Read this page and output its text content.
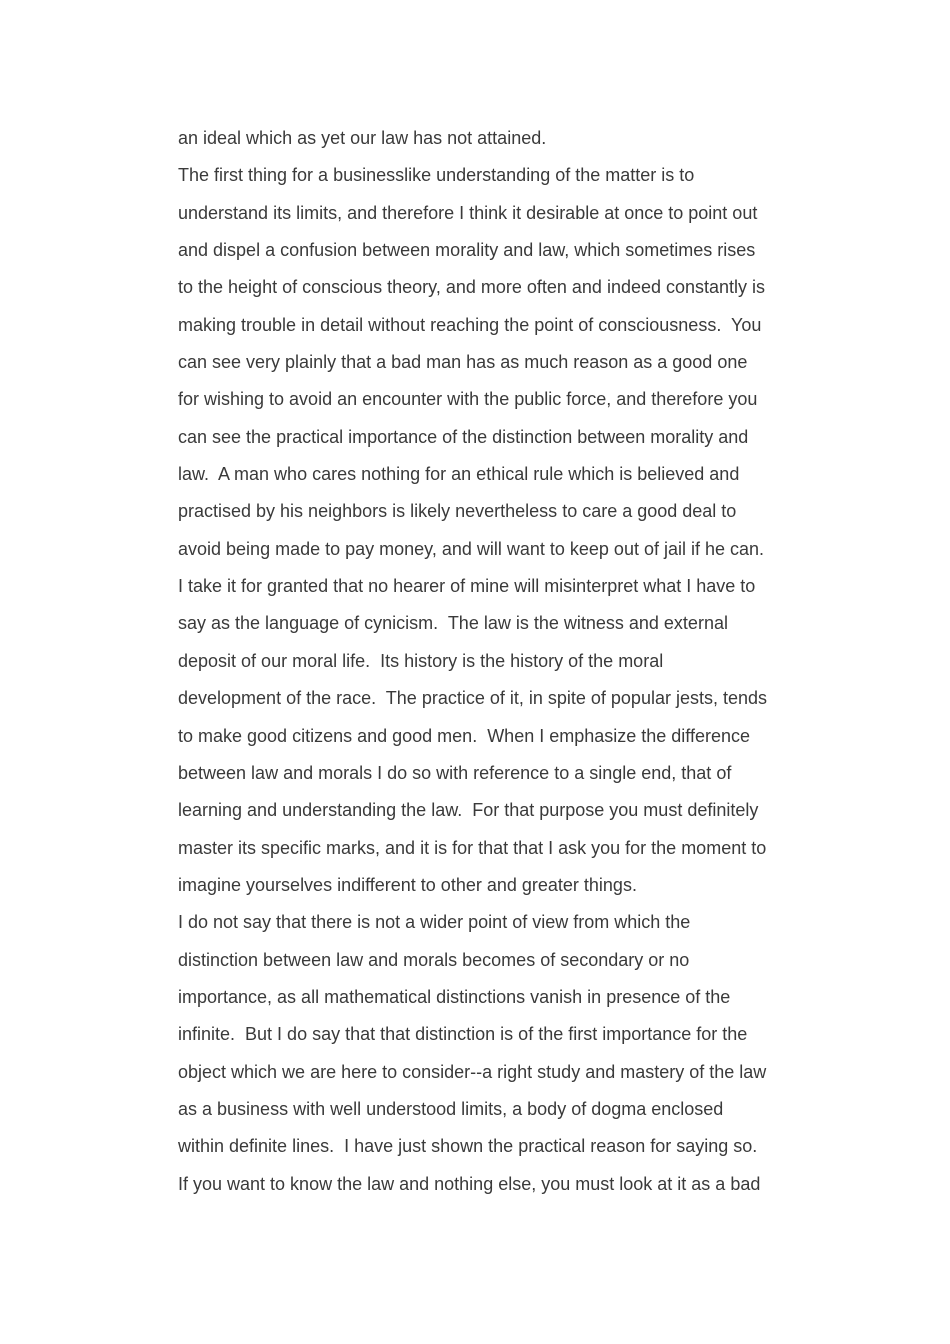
an ideal which as yet our law has not attained.
The first thing for a businesslike understanding of the matter is to
understand its limits, and therefore I think it desirable at once to point out
and dispel a confusion between morality and law, which sometimes rises
to the height of conscious theory, and more often and indeed constantly is
making trouble in detail without reaching the point of consciousness.  You
can see very plainly that a bad man has as much reason as a good one
for wishing to avoid an encounter with the public force, and therefore you
can see the practical importance of the distinction between morality and
law.  A man who cares nothing for an ethical rule which is believed and
practised by his neighbors is likely nevertheless to care a good deal to
avoid being made to pay money, and will want to keep out of jail if he can.
I take it for granted that no hearer of mine will misinterpret what I have to
say as the language of cynicism.  The law is the witness and external
deposit of our moral life.  Its history is the history of the moral
development of the race.  The practice of it, in spite of popular jests, tends
to make good citizens and good men.  When I emphasize the difference
between law and morals I do so with reference to a single end, that of
learning and understanding the law.  For that purpose you must definitely
master its specific marks, and it is for that that I ask you for the moment to
imagine yourselves indifferent to other and greater things.
I do not say that there is not a wider point of view from which the
distinction between law and morals becomes of secondary or no
importance, as all mathematical distinctions vanish in presence of the
infinite.  But I do say that that distinction is of the first importance for the
object which we are here to consider--a right study and mastery of the law
as a business with well understood limits, a body of dogma enclosed
within definite lines.  I have just shown the practical reason for saying so.
If you want to know the law and nothing else, you must look at it as a bad
